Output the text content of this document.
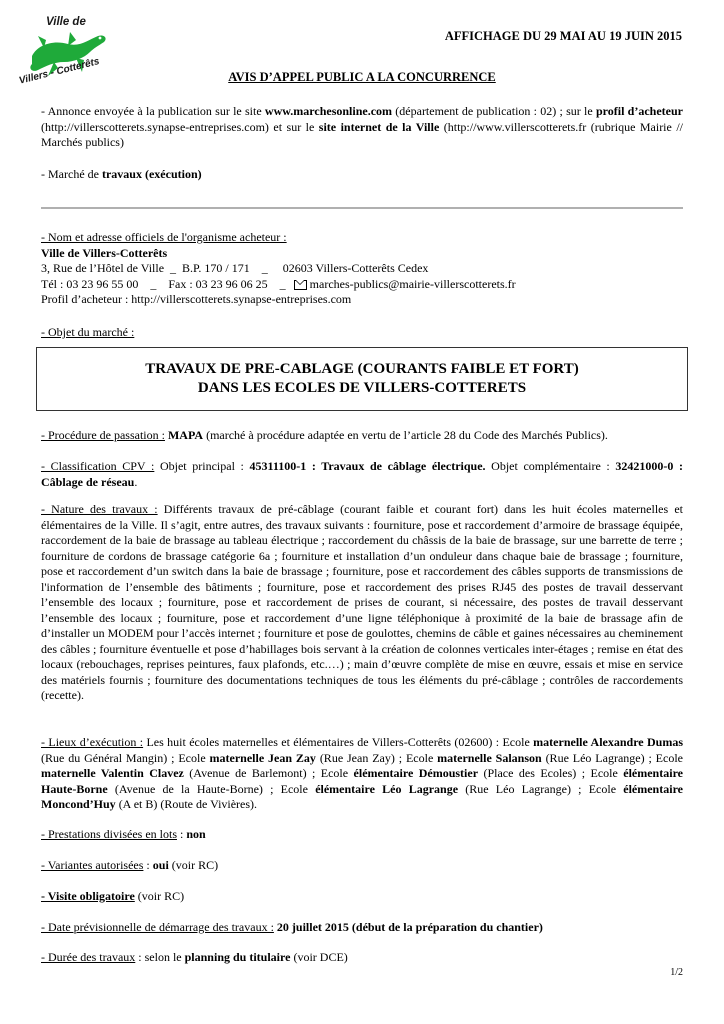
Ville de
Villers - Cotterêts
AFFICHAGE DU 29 MAI AU 19 JUIN 2015
AVIS D’APPEL PUBLIC A LA CONCURRENCE
- Annonce envoyée à la publication sur le site www.marchesonline.com (département de publication : 02) ; sur le profil d’acheteur (http://villerscotterets.synapse-entreprises.com) et sur le site internet de la Ville (http://www.villerscotterets.fr (rubrique Mairie // Marchés publics)
- Marché de travaux (exécution)
- Nom et adresse officiels de l'organisme acheteur :
Ville de Villers-Cotterêts
3, Rue de l’Hôtel de Ville  _  B.P. 170 / 171    _     02603 Villers-Cotterêts Cedex
Tél : 03 23 96 55 00    _    Fax : 03 23 96 06 25    _  marches-publics@mairie-villerscotterets.fr
Profil d’acheteur : http://villerscotterets.synapse-entreprises.com
- Objet du marché :
TRAVAUX DE PRE-CABLAGE (COURANTS FAIBLE ET FORT)
DANS LES ECOLES DE VILLERS-COTTERETS
- Procédure de passation : MAPA (marché à procédure adaptée en vertu de l’article 28 du Code des Marchés Publics).
- Classification CPV : Objet principal : 45311100-1 : Travaux de câblage électrique. Objet complémentaire : 32421000-0 : Câblage de réseau.
- Nature des travaux : Différents travaux de pré-câblage (courant faible et courant fort) dans les huit écoles maternelles et élémentaires de la Ville. Il s’agit, entre autres, des travaux suivants : fourniture, pose et raccordement d’armoire de brassage équipée, raccordement de la baie de brassage au tableau électrique ; raccordement du châssis de la baie de brassage, sur une barrette de terre ; fourniture de cordons de brassage catégorie 6a ; fourniture et installation d’un onduleur dans chaque baie de brassage ; fourniture, pose et raccordement d’un switch dans la baie de brassage ; fourniture, pose et raccordement des câbles supports de transmissions de l'information de l’ensemble des bâtiments ; fourniture, pose et raccordement des prises RJ45 des postes de travail desservant l’ensemble des locaux ; fourniture, pose et raccordement de prises de courant, si nécessaire, des postes de travail desservant l’ensemble des locaux ; fourniture, pose et raccordement d’une ligne téléphonique à proximité de la baie de brassage afin de d’installer un MODEM pour l’accès internet ; fourniture et pose de goulottes, chemins de câble et gaines nécessaires au cheminement des câbles ; fourniture éventuelle et pose d’habillages bois servant à la création de colonnes verticales inter-étages ; remise en état des locaux (rebouchages, reprises peintures, faux plafonds, etc.…) ; main d’œuvre complète de mise en œuvre, essais et mise en service des matériels fournis ; fourniture des documentations techniques de tous les éléments du pré-câblage ; contrôles de raccordements (recette).
- Lieux d’exécution : Les huit écoles maternelles et élémentaires de Villers-Cotterêts (02600) : Ecole maternelle Alexandre Dumas (Rue du Général Mangin) ; Ecole maternelle Jean Zay (Rue Jean Zay) ; Ecole maternelle Salanson (Rue Léo Lagrange) ; Ecole maternelle Valentin Clavez (Avenue de Barlemont) ; Ecole élémentaire Démoustier (Place des Ecoles) ; Ecole élémentaire Haute-Borne (Avenue de la Haute-Borne) ; Ecole élémentaire Léo Lagrange (Rue Léo Lagrange) ; Ecole élémentaire Moncond’Huy (A et B) (Route de Vivières).
- Prestations divisées en lots : non
- Variantes autorisées : oui (voir RC)
- Visite obligatoire (voir RC)
- Date prévisionnelle de démarrage des travaux : 20 juillet 2015 (début de la préparation du chantier)
- Durée des travaux : selon le planning du titulaire (voir DCE)
1/2
